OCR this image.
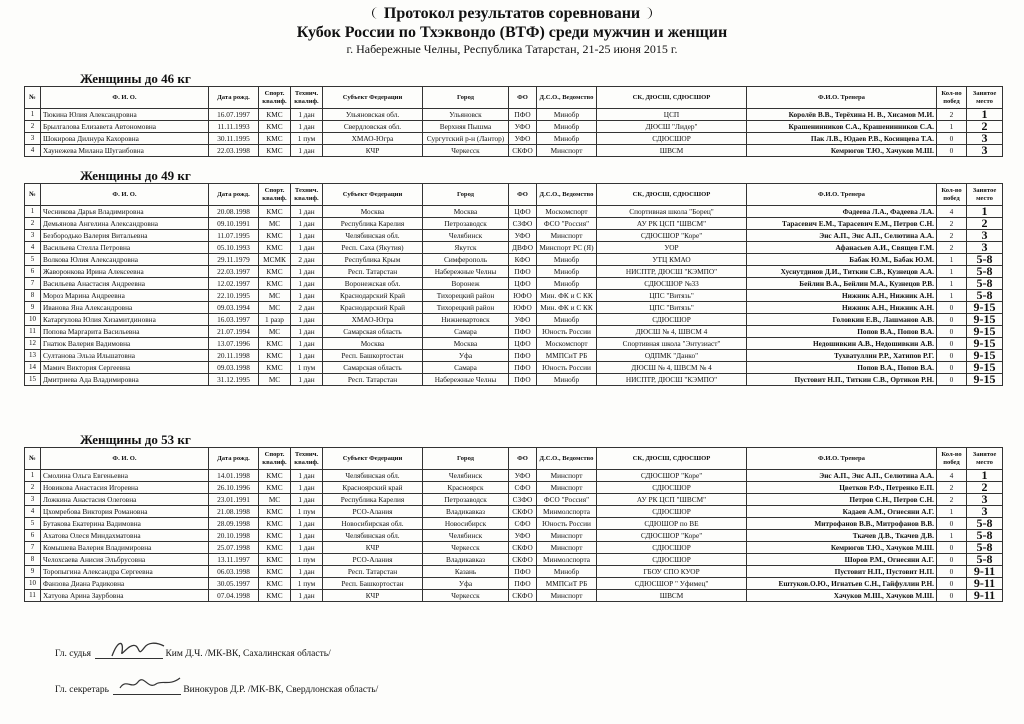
Протокол результатов соревновани
Кубок России по Тхэквондо (ВТФ) среди мужчин и женщин
г. Набережные Челны, Республика Татарстан, 21-25 июня 2015 г.
Женщины до 46 кг
№	Ф. И. О.	Дата рожд.	Спорт. квалиф.	Технич. квалиф.	Субъект Федерации	Город	ФО	Д.С.О., Ведомство	СК, ДЮСШ, СДЮСШОР	Ф.И.О. Тренера	Кол-во побед	Занятое место
1	Тюкина Юлия Александровна	16.07.1997	КМС	1 дан	Ульяновская обл.	Ульяновск	ПФО	Минобр	ЦСП	Королёв В.В., Терёхина Н. В., Хисамов М.И.	2	1
2	Брылгалова Елизавета Автономовна	11.11.1993	КМС	1 дан	Свердловская обл.	Верхняя Пышма	УФО	Минобр	ДЮСШ "Лидер"	Крашенинников С.А., Крашенинников С.А.	1	2
3	Шокирова Дилнура Кахоровна	30.11.1995	КМС	1 пум	ХМАО-Югра	Сургутский р-н (Лантор)	УФО	Минобр	СДЮСШОР	Пак Л.В., Юдаев Р.В., Косинцева Т.А.	0	3
4	Хаунежева Милана Шугаибовна	22.03.1998	КМС	1 дан	КЧР	Черкесск	СКФО	Минспорт	ШВСМ	Кемрюгов Т.Ю., Хачуков М.Ш.	0	3
Женщины до 49 кг
№	Ф. И. О.	Дата рожд.	Спорт. квалиф.	Технич. квалиф.	Субъект Федерации	Город	ФО	Д.С.О., Ведомство	СК, ДЮСШ, СДЮСШОР	Ф.И.О. Тренера	Кол-во побед	Занятое место
1	Чесникова Дарья Владимировна	20.08.1998	КМС	1 дан	Москва	Москва	ЦФО	Москомспорт	Спортивная школа "Борец"	Фадеева Л.А., Фадеева Л.А.	4	1
2	Демьянова Ангелина Александровна	09.10.1991	МС	1 дан	Республика Карелия	Петрозаводск	СЗФО	ФСО "Россия"	АУ РК ЦСП "ШВСМ"	Тарасевич Е.М., Тарасевич Е.М., Петров С.Н.	2	2
3	Безбородько Валерия Витальевна	11.07.1995	КМС	1 дан	Челябинская обл.	Челябинск	УФО	Минспорт	СДЮСШОР "Коре"	Энс А.П., Энс А.П., Селютина А.А.	2	3
4	Васильева Стелла Петровна	05.10.1993	КМС	1 дан	Респ. Саха (Якутия)	Якутск	ДВФО	Минспорт РС (Я)	УОР	Афанасьев А.И., Свящев Г.М.	2	3
5	Волкова Юлия Александровна	29.11.1979	МСМК	2 дан	Республика Крым	Симферополь	КФО	Минобр	УТЦ КМАО	Бабак Ю.М., Бабак Ю.М.	1	5-8
6	Жаворонкова Ирина Алексеевна	22.03.1997	КМС	1 дан	Респ. Татарстан	Набережные Челны	ПФО	Минобр	НИСПТР, ДЮСШ "КЭМПО"	Хуснутдинов Д.И., Титкин С.В., Кузнецов А.А.	1	5-8
7	Васильева Анастасия Андреевна	12.02.1997	КМС	1 дан	Воронежская обл.	Воронеж	ЦФО	Минобр	СДЮСШОР №33	Бейлин В.А., Бейлин М.А., Кузнецов Р.В.	1	5-8
8	Мороз Марина Андреевна	22.10.1995	МС	1 дан	Краснодарский Край	Тихорецкий район	ЮФО	Мин. ФК и С КК	ЦПС "Витязь"	Нижник А.Н., Нижник А.Н.	1	5-8
9	Иванова Яна Александровна	09.03.1994	МС	2 дан	Краснодарский Край	Тихорецкий район	ЮФО	Мин. ФК и С КК	ЦПС "Витязь"	Нижник А.Н., Нижник А.Н.	0	9-15
10	Катаргулова Юлия Хизамитдиновна	16.03.1997	1 разр	1 дан	ХМАО-Югра	Нижневартовск	УФО	Минобр	СДЮСШОР	Головкин Е.В., Лашманов А.В.	0	9-15
11	Попова Маргарита Васильевна	21.07.1994	МС	1 дан	Самарская область	Самара	ПФО	Юность России	ДЮСШ № 4, ШВСМ 4	Попов В.А., Попов В.А.	0	9-15
12	Гнатюк Валерия Вадимовна	13.07.1996	КМС	1 дан	Москва	Москва	ЦФО	Москомспорт	Спортивная школа "Энтузиаст"	Недошивкин А.В., Недошивкин А.В.	0	9-15
13	Султанова Эльза Ильшатовна	20.11.1998	КМС	1 дан	Респ. Башкортостан	Уфа	ПФО	ММПСиТ РБ	ОДПМК "Данко"	Тухватуллин Р.Р., Хатипов Р.Г.	0	9-15
14	Мамич Виктория Сергеевна	09.03.1998	КМС	1 пум	Самарская область	Самара	ПФО	Юность России	ДЮСШ № 4, ШВСМ № 4	Попов В.А., Попов В.А.	0	9-15
15	Дмитриева Ада Владимировна	31.12.1995	МС	1 дан	Респ. Татарстан	Набережные Челны	ПФО	Минобр	НИСПТР, ДЮСШ "КЭМПО"	Пустовит Н.П., Титкин С.В., Ортиков Р.Н.	0	9-15
Женщины до 53 кг
№	Ф. И. О.	Дата рожд.	Спорт. квалиф.	Технич. квалиф.	Субъект Федерации	Город	ФО	Д.С.О., Ведомство	СК, ДЮСШ, СДЮСШОР	Ф.И.О. Тренера	Кол-во побед	Занятое место
1	Смолина Ольга Евгеньевна	14.01.1998	КМС	1 дан	Челябинская обл.	Челябинск	УФО	Минспорт	СДЮСШОР "Коре"	Энс А.П., Энс А.П., Селютина А.А.	4	1
2	Новикова Анастасия Игоревна	26.10.1996	КМС	1 дан	Красноярский край	Красноярск	СФО	Минспорт	СДЮСШОР	Цветков Р.Ф., Петренко Е.П.	2	2
3	Ложкина Анастасия Олеговна	23.01.1991	МС	1 дан	Республика Карелия	Петрозаводск	СЗФО	ФСО "Россия"	АУ РК ЦСП "ШВСМ"	Петров С.Н., Петров С.Н.	2	3
4	Цхомребова Виктория Романовна	21.08.1998	КМС	1 пум	РСО-Алания	Владикавказ	СКФО	Минмолспорта	СДЮСШОР	Кадаев А.М., Огнесяни А.Г.	1	3
5	Бутакова Екатерина Вадимовна	28.09.1998	КМС	1 дан	Новосибирская обл.	Новосибирск	СФО	Юность России	СДЮШОР по ВЕ	Митрофанов В.В., Митрофанов В.В.	0	5-8
6	Ахатова Олеся Миндахматовна	20.10.1998	КМС	1 дан	Челябинская обл.	Челябинск	УФО	Минспорт	СДЮСШОР "Коре"	Ткачев Д.В., Ткачев Д.В.	1	5-8
7	Комышева Валерия Владимировна	25.07.1998	КМС	1 дан	КЧР	Черкесск	СКФО	Минспорт	СДЮСШОР	Кемрюгов Т.Ю., Хачуков М.Ш.	0	5-8
8	Челохсаева Анисия Эльбрусовна	13.11.1997	КМС	1 пум	РСО-Алания	Владикавказ	СКФО	Минмолспорта	СДЮСШОР	Шоров Р.М., Огнесяни А.Г.	0	5-8
9	Торопыгина Александра Сергеевна	06.03.1998	КМС	1 дан	Респ. Татарстан	Казань	ПФО	Минобр	ГБОУ СПО КУОР	Пустовит Н.П., Пустовит Н.П.	0	9-11
10	Фанзова Диана Радиковна	30.05.1997	КМС	1 пум	Респ. Башкортостан	Уфа	ПФО	ММПСиТ РБ	СДЮСШОР " Уфимец"	Ештуков.О.Ю., Игнатьев С.Н., Гайфуллин Р.Н.	0	9-11
11	Хатуова Арина Заурбовна	07.04.1998	КМС	1 дан	КЧР	Черкесск	СКФО	Минспорт	ШВСМ	Хачуков М.Ш., Хачуков М.Ш.	0	9-11
Гл. судья	Ким Д.Ч. /МК-ВК, Сахалинская область/
Гл. секретарь	Винокуров Д.Р. /МК-ВК, Свердлонская область/
